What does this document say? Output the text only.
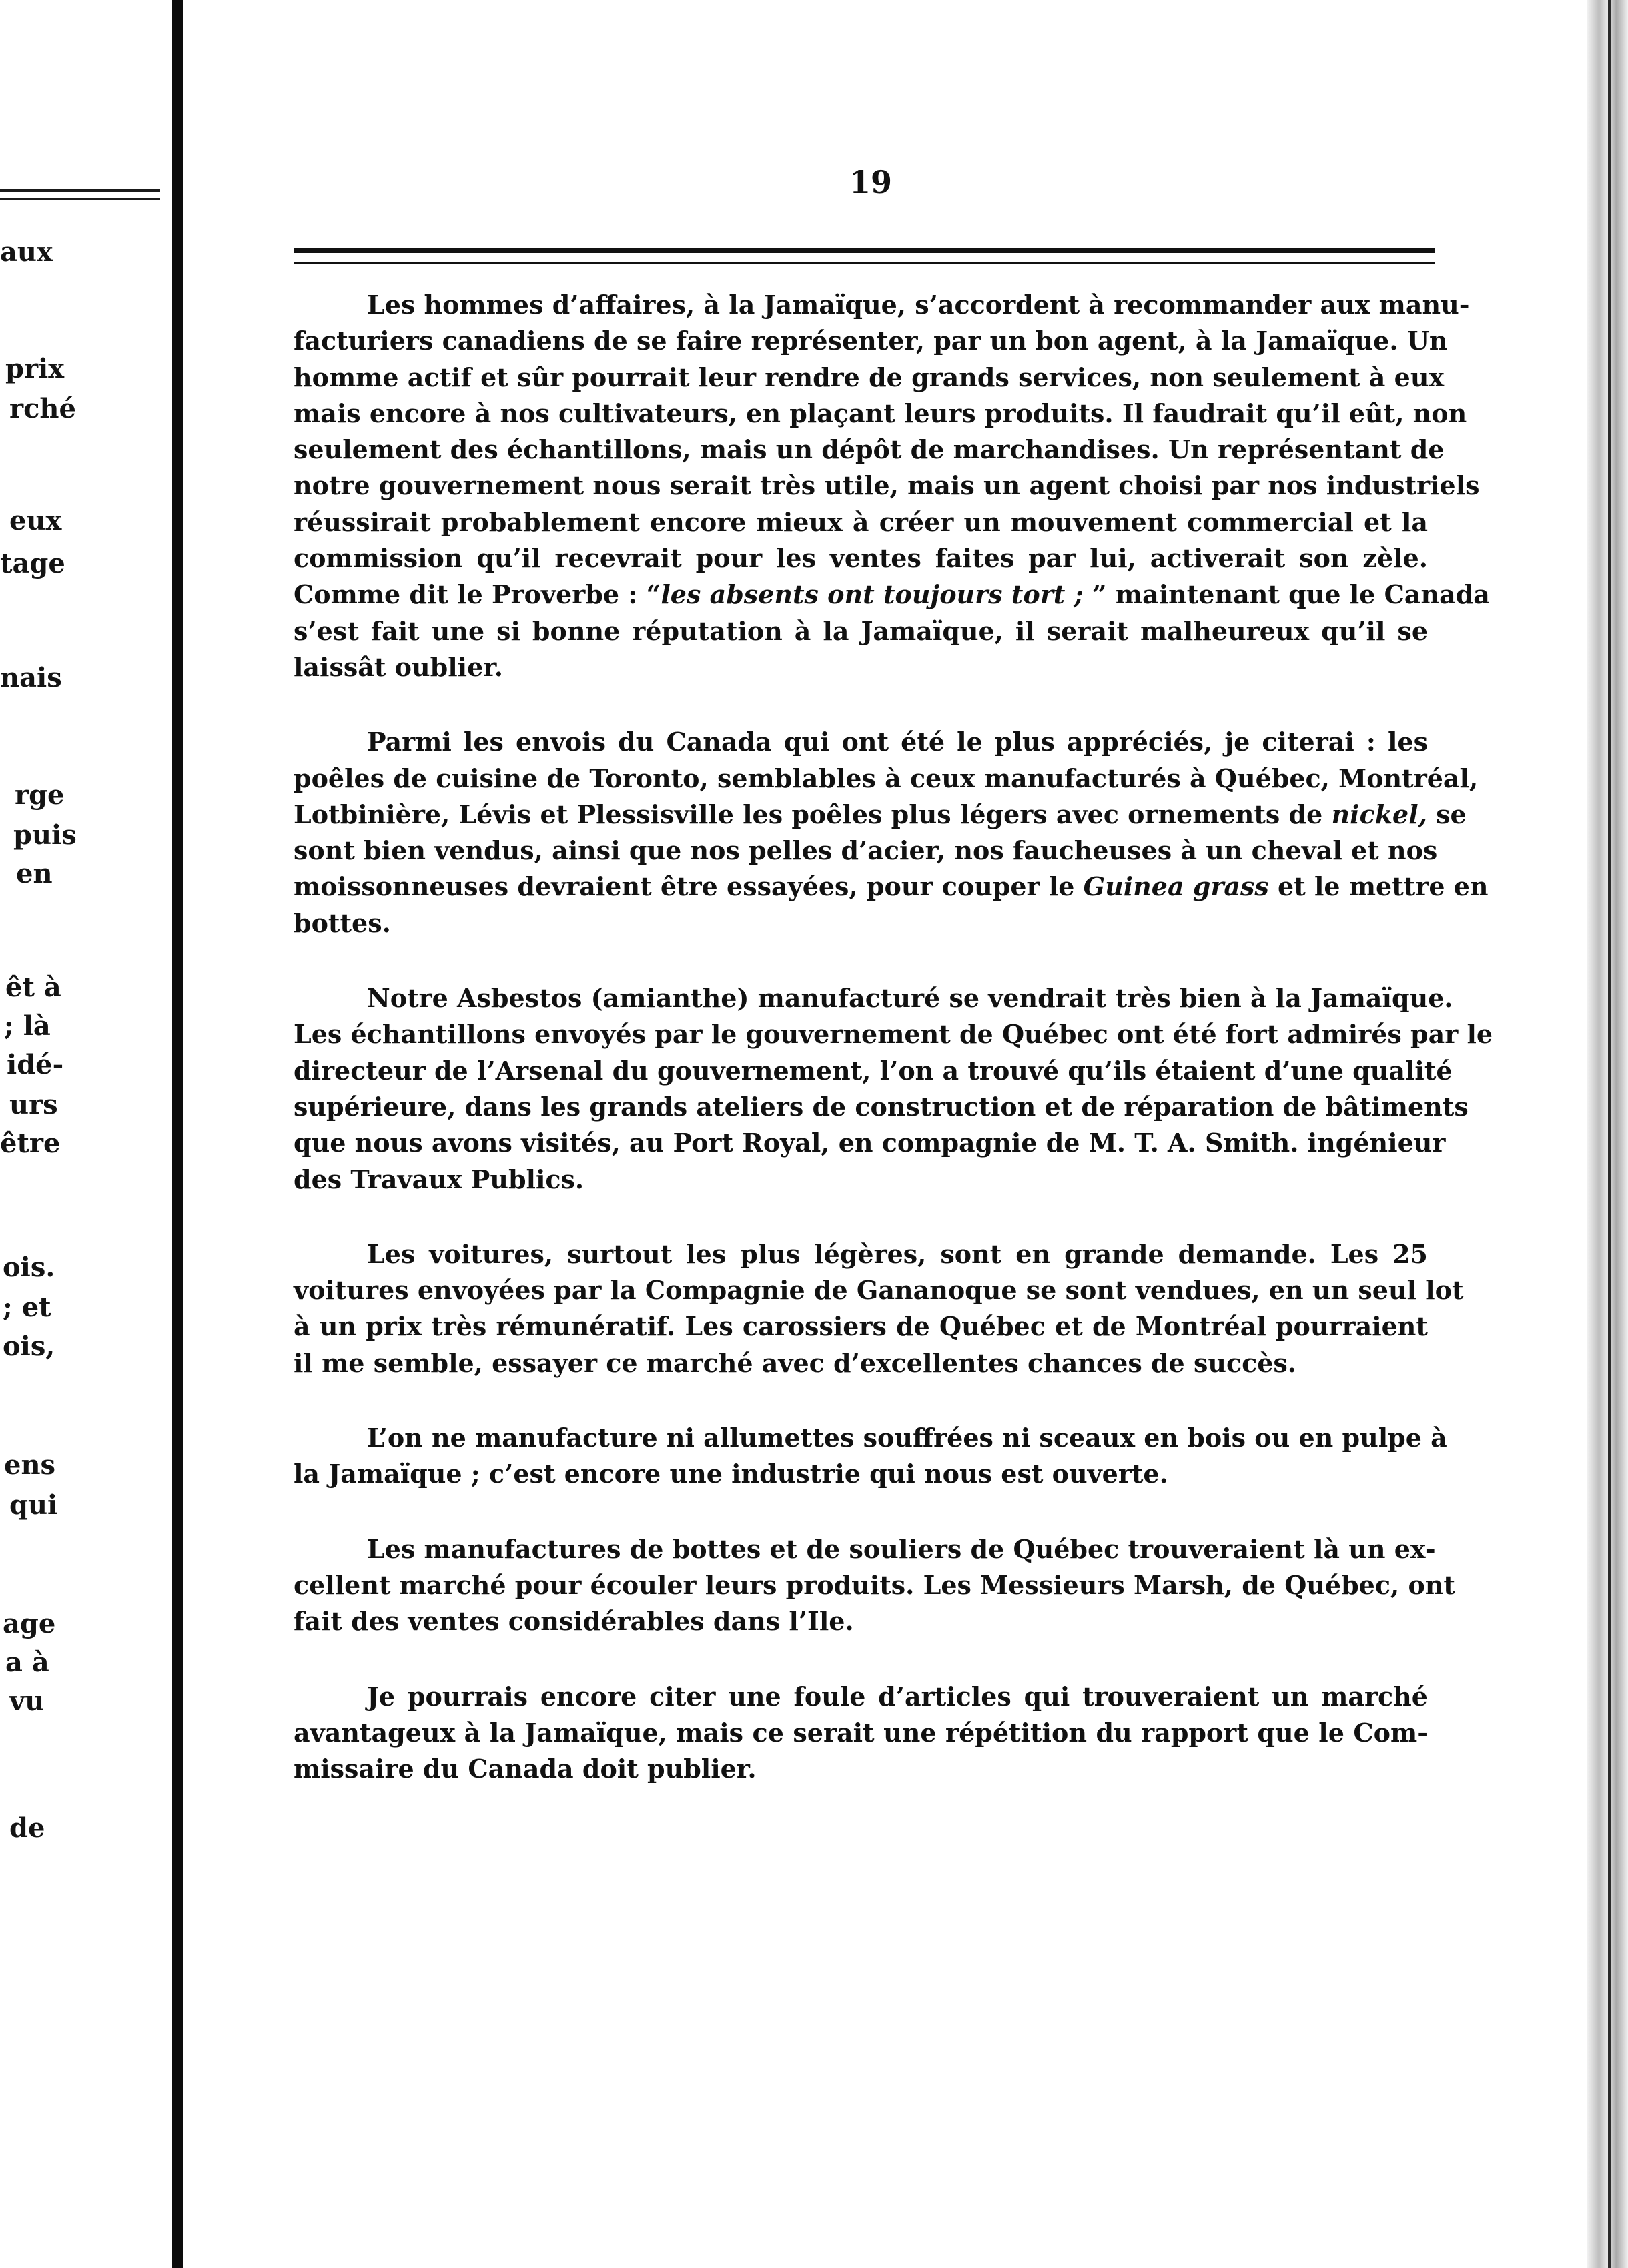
aux
prix
rché
eux
tage
nais
rge
puis
en
êt à
; là
idé-
urs
être
ois.
; et
ois,
ens
qui
age
a à
vu
de
19
Les hommes d’affaires, à la Jamaïque, s’accordent à recommander aux manu-
facturiers canadiens de se faire représenter, par un bon agent, à la Jamaïque. Un
homme actif et sûr pourrait leur rendre de grands services, non seulement à eux
mais encore à nos cultivateurs, en plaçant leurs produits. Il faudrait qu’il eût, non
seulement des échantillons, mais un dépôt de marchandises. Un représentant de
notre gouvernement nous serait très utile, mais un agent choisi par nos industriels
réussirait probablement encore mieux à créer un mouvement commercial et la
commission qu’il recevrait pour les ventes faites par lui, activerait son zèle.
Comme dit le Proverbe : “les absents ont toujours tort ; ” maintenant que le Canada
s’est fait une si bonne réputation à la Jamaïque, il serait malheureux qu’il se
laissât oublier.
Parmi les envois du Canada qui ont été le plus appréciés, je citerai : les
poêles de cuisine de Toronto, semblables à ceux manufacturés à Québec, Montréal,
Lotbinière, Lévis et Plessisville les poêles plus légers avec ornements de nickel, se
sont bien vendus, ainsi que nos pelles d’acier, nos faucheuses à un cheval et nos
moissonneuses devraient être essayées, pour couper le Guinea grass et le mettre en
bottes.
Notre Asbestos (amianthe) manufacturé se vendrait très bien à la Jamaïque.
Les échantillons envoyés par le gouvernement de Québec ont été fort admirés par le
directeur de l’Arsenal du gouvernement, l’on a trouvé qu’ils étaient d’une qualité
supérieure, dans les grands ateliers de construction et de réparation de bâtiments
que nous avons visités, au Port Royal, en compagnie de M. T. A. Smith. ingénieur
des Travaux Publics.
Les voitures, surtout les plus légères, sont en grande demande. Les 25
voitures envoyées par la Compagnie de Gananoque se sont vendues, en un seul lot
à un prix très rémunératif. Les carossiers de Québec et de Montréal pourraient
il me semble, essayer ce marché avec d’excellentes chances de succès.
L’on ne manufacture ni allumettes souffrées ni sceaux en bois ou en pulpe à
la Jamaïque ; c’est encore une industrie qui nous est ouverte.
Les manufactures de bottes et de souliers de Québec trouveraient là un ex-
cellent marché pour écouler leurs produits. Les Messieurs Marsh, de Québec, ont
fait des ventes considérables dans l’Ile.
Je pourrais encore citer une foule d’articles qui trouveraient un marché
avantageux à la Jamaïque, mais ce serait une répétition du rapport que le Com-
missaire du Canada doit publier.
